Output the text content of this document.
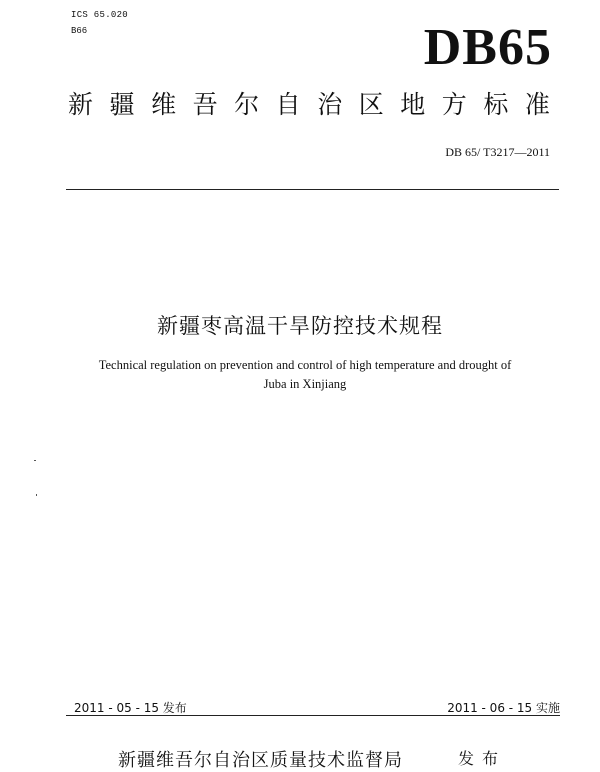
ICS 65.020
B66	DB65
新 疆 维 吾 尔 自 治 区 地 方 标 准
DB 65/ T3217—2011
新疆枣高温干旱防控技术规程
Technical regulation on prevention and control of high temperature and drought of
Juba in Xinjiang
2011 - 05 - 15 发布	2011 - 06 - 15 实施
新疆维吾尔自治区质量技术监督局	发布
